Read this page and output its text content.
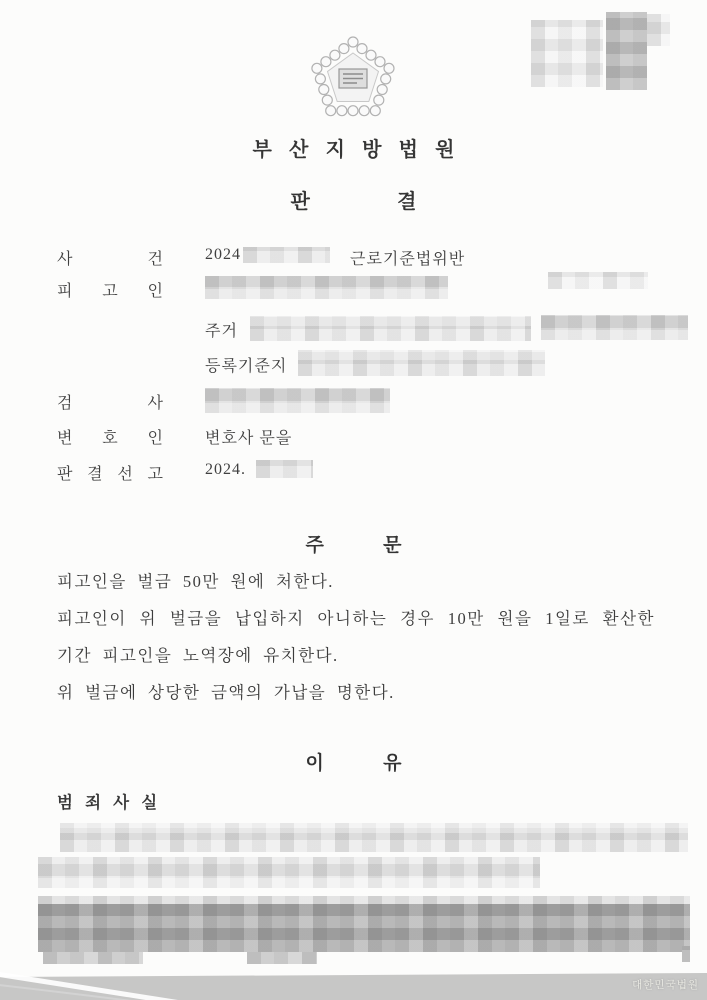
부 산 지 방 법 원
판 결
사 건	2024	근로기준법위반
피 고 인
주거
등록기준지
검 사
변 호 인	변호사 문을
판 결 선 고	2024.
주 문

피고인을 벌금 50만 원에 처한다.

피고인이 위 벌금을 납입하지 아니하는 경우 10만 원을 1일로 환산한 기간 피고인을 노역장에 유치한다.

위 벌금에 상당한 금액의 가납을 명한다.

이 유
범 죄 사 실
대한민국법원
